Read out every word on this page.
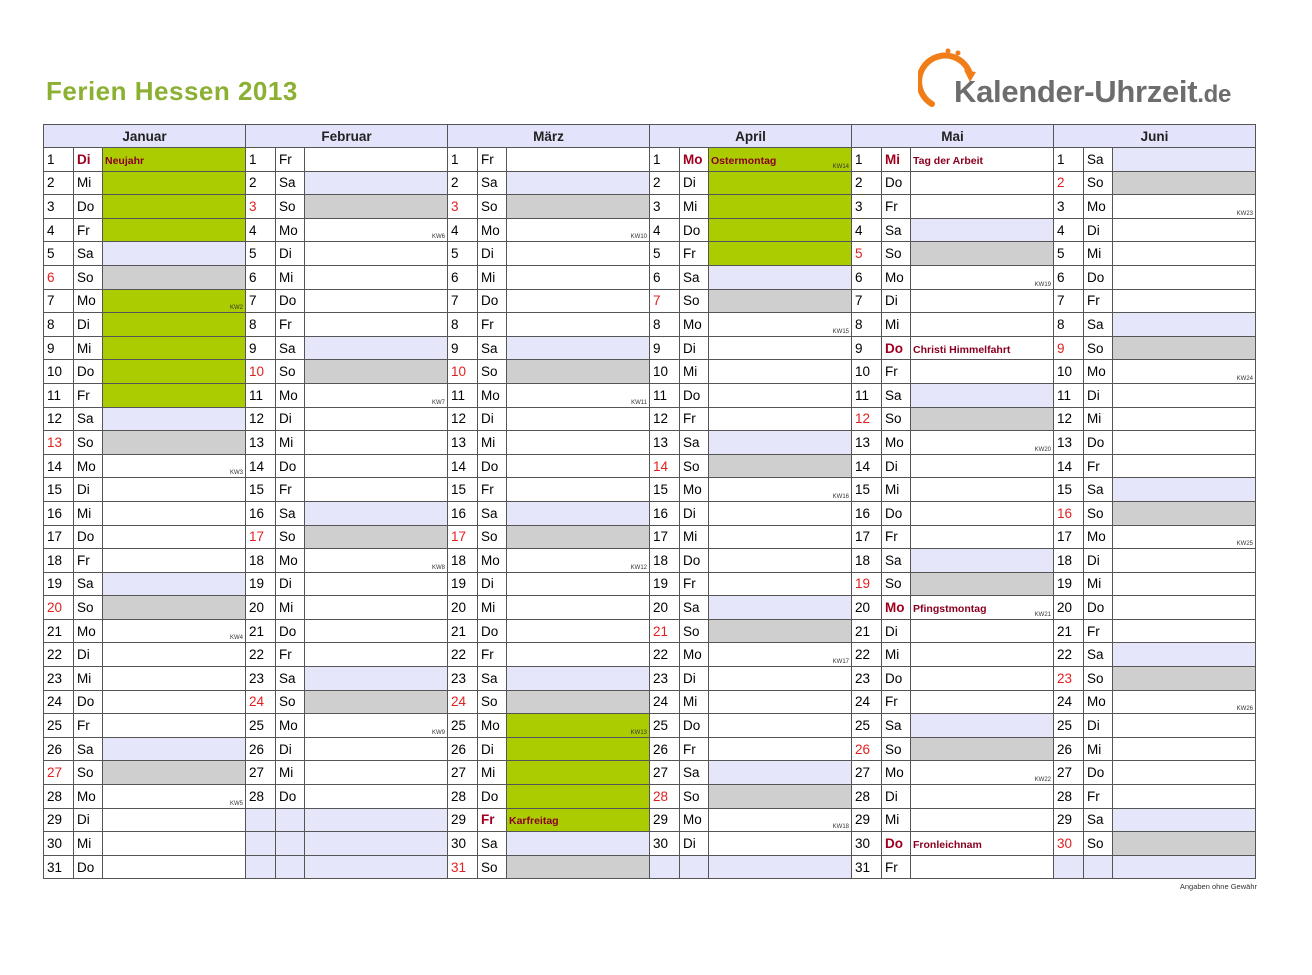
Ferien Hessen 2013	Kalender-Uhrzeit.de
Januar			Februar			März			April			Mai			Juni		
1	Di	Neujahr	1	Fr		1	Fr		1	Mo	Ostermontag KW14	1	Mi	Tag der Arbeit	1	Sa	
2	Mi		2	Sa		2	Sa		2	Di		2	Do		2	So	
3	Do		3	So		3	So		3	Mi		3	Fr		3	Mo	KW23

4	Fr		4	Mo	KW6	4	Mo	KW10	4	Do		4	Sa		4	Di	
5	Sa		5	Di		5	Di		5	Fr		5	So		5	Mi	
6	So		6	Mi		6	Mi		6	Sa		6	Mo	KW19	6	Do	
7	Mo	KW2	7	Do		7	Do		7	So		7	Di		7	Fr	
8	Di		8	Fr		8	Fr		8	Mo	KW15	8	Mi		8	Sa	
9	Mi		9	Sa		9	Sa		9	Di		9	Do	Christi Himmelfahrt	9	So	
10	Do		10	So		10	So		10	Mi		10	Fr		10	Mo	KW24

11	Fr		11	Mo	KW7	11	Mo	KW11	11	Do		11	Sa		11	Di	
12	Sa		12	Di		12	Di		12	Fr		12	So		12	Mi	
13	So		13	Mi		13	Mi		13	Sa		13	Mo	KW20	13	Do	
14	Mo	KW3	14	Do		14	Do		14	So		14	Di		14	Fr	
15	Di		15	Fr		15	Fr		15	Mo	KW16	15	Mi		15	Sa	
16	Mi		16	Sa		16	Sa		16	Di		16	Do		16	So	
17	Do		17	So		17	So		17	Mi		17	Fr		17	Mo	KW25

18	Fr		18	Mo	KW8	18	Mo	KW12	18	Do		18	Sa		18	Di	
19	Sa		19	Di		19	Di		19	Fr		19	So		19	Mi	
20	So		20	Mi		20	Mi		20	Sa		20	Mo	Pfingstmontag KW21	20	Do	
21	Mo	KW4	21	Do		21	Do		21	So		21	Di		21	Fr	
22	Di		22	Fr		22	Fr		22	Mo	KW17	22	Mi		22	Sa	
23	Mi		23	Sa		23	Sa		23	Di		23	Do		23	So	
24	Do		24	So		24	So		24	Mi		24	Fr		24	Mo	KW26

25	Fr		25	Mo	KW9	25	Mo	KW13	25	Do		25	Sa		25	Di	
26	Sa		26	Di		26	Di		26	Fr		26	So		26	Mi	
27	So		27	Mi		27	Mi		27	Sa		27	Mo	KW22	27	Do	
28	Mo	KW5	28	Do		28	Do		28	So		28	Di		28	Fr	
29	Di					29	Fr	Karfreitag	29	Mo	KW18	29	Mi		29	Sa	
30	Mi					30	Sa		30	Di		30	Do	Fronleichnam	30	So	
31	Do					31	So					31	Fr				
Angaben ohne Gewähr
